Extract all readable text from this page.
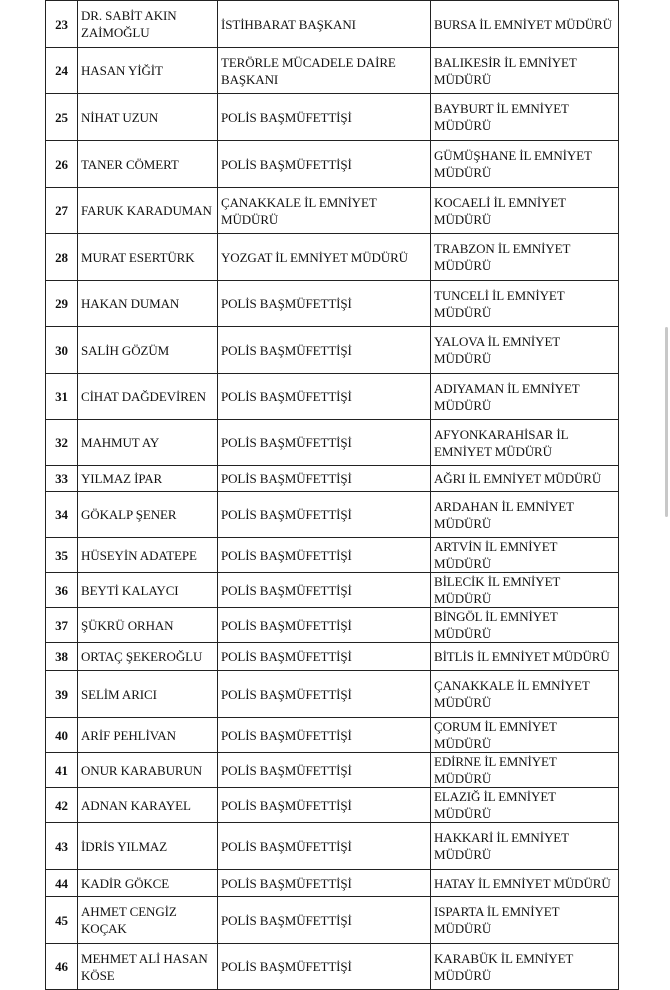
23	DR. SABİT AKIN ZAİMOĞLU	İSTİHBARAT BAŞKANI	BURSA İL EMNİYET MÜDÜRÜ
24	HASAN YİĞİT	TERÖRLE MÜCADELE DAİRE BAŞKANI	BALIKESİR İL EMNİYET MÜDÜRÜ
25	NİHAT UZUN	POLİS BAŞMÜFETTİŞİ	BAYBURT İL EMNİYET MÜDÜRÜ
26	TANER CÖMERT	POLİS BAŞMÜFETTİŞİ	GÜMÜŞHANE İL EMNİYET MÜDÜRÜ
27	FARUK KARADUMAN	ÇANAKKALE İL EMNİYET MÜDÜRÜ	KOCAELİ İL EMNİYET MÜDÜRÜ
28	MURAT ESERTÜRK	YOZGAT İL EMNİYET MÜDÜRÜ	TRABZON İL EMNİYET MÜDÜRÜ
29	HAKAN DUMAN	POLİS BAŞMÜFETTİŞİ	TUNCELİ İL EMNİYET MÜDÜRÜ
30	SALİH GÖZÜM	POLİS BAŞMÜFETTİŞİ	YALOVA İL EMNİYET MÜDÜRÜ
31	CİHAT DAĞDEVİREN	POLİS BAŞMÜFETTİŞİ	ADIYAMAN İL EMNİYET MÜDÜRÜ
32	MAHMUT AY	POLİS BAŞMÜFETTİŞİ	AFYONKARAHİSAR İL EMNİYET MÜDÜRÜ
33	YILMAZ İPAR	POLİS BAŞMÜFETTİŞİ	AĞRI İL EMNİYET MÜDÜRÜ
34	GÖKALP ŞENER	POLİS BAŞMÜFETTİŞİ	ARDAHAN İL EMNİYET MÜDÜRÜ
35	HÜSEYİN ADATEPE	POLİS BAŞMÜFETTİŞİ	ARTVİN İL EMNİYET MÜDÜRÜ
36	BEYTİ KALAYCI	POLİS BAŞMÜFETTİŞİ	BİLECİK İL EMNİYET MÜDÜRÜ
37	ŞÜKRÜ ORHAN	POLİS BAŞMÜFETTİŞİ	BİNGÖL İL EMNİYET MÜDÜRÜ
38	ORTAÇ ŞEKEROĞLU	POLİS BAŞMÜFETTİŞİ	BİTLİS İL EMNİYET MÜDÜRÜ
39	SELİM ARICI	POLİS BAŞMÜFETTİŞİ	ÇANAKKALE İL EMNİYET MÜDÜRÜ
40	ARİF PEHLİVAN	POLİS BAŞMÜFETTİŞİ	ÇORUM İL EMNİYET MÜDÜRÜ
41	ONUR KARABURUN	POLİS BAŞMÜFETTİŞİ	EDİRNE İL EMNİYET MÜDÜRÜ
42	ADNAN KARAYEL	POLİS BAŞMÜFETTİŞİ	ELAZIĞ İL EMNİYET MÜDÜRÜ
43	İDRİS YILMAZ	POLİS BAŞMÜFETTİŞİ	HAKKARİ İL EMNİYET MÜDÜRÜ
44	KADİR GÖKCE	POLİS BAŞMÜFETTİŞİ	HATAY İL EMNİYET MÜDÜRÜ
45	AHMET CENGİZ KOÇAK	POLİS BAŞMÜFETTİŞİ	ISPARTA İL EMNİYET MÜDÜRÜ
46	MEHMET ALİ HASAN KÖSE	POLİS BAŞMÜFETTİŞİ	KARABÜK İL EMNİYET MÜDÜRÜ
